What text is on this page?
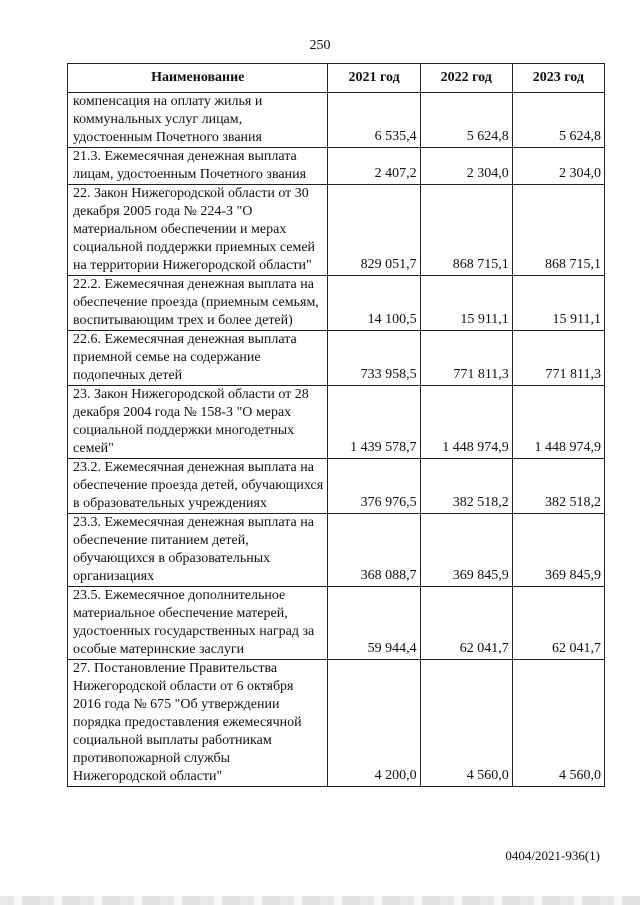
250
Наименование	2021 год	2022 год	2023 год
компенсация на оплату жилья и коммунальных услуг лицам, удостоенным Почетного звания	6 535,4	5 624,8	5 624,8
21.3. Ежемесячная денежная выплата лицам, удостоенным Почетного звания	2 407,2	2 304,0	2 304,0
22. Закон Нижегородской области от 30 декабря 2005 года № 224-З "О материальном обеспечении и мерах социальной поддержки приемных семей на территории Нижегородской области"	829 051,7	868 715,1	868 715,1
22.2. Ежемесячная денежная выплата на обеспечение проезда (приемным семьям, воспитывающим трех и более детей)	14 100,5	15 911,1	15 911,1
22.6. Ежемесячная денежная выплата приемной семье на содержание подопечных детей	733 958,5	771 811,3	771 811,3
23. Закон Нижегородской области от 28 декабря 2004 года № 158-З "О мерах социальной поддержки многодетных семей"	1 439 578,7	1 448 974,9	1 448 974,9
23.2. Ежемесячная денежная выплата на обеспечение проезда детей, обучающихся в образовательных учреждениях	376 976,5	382 518,2	382 518,2
23.3. Ежемесячная денежная выплата на обеспечение питанием детей, обучающихся в образовательных организациях	368 088,7	369 845,9	369 845,9
23.5. Ежемесячное дополнительное материальное обеспечение матерей, удостоенных государственных наград за особые материнские заслуги	59 944,4	62 041,7	62 041,7
27. Постановление Правительства Нижегородской области от 6 октября 2016 года № 675 "Об утверждении порядка предоставления ежемесячной социальной выплаты работникам противопожарной службы Нижегородской области"	4 200,0	4 560,0	4 560,0
0404/2021-936(1)
